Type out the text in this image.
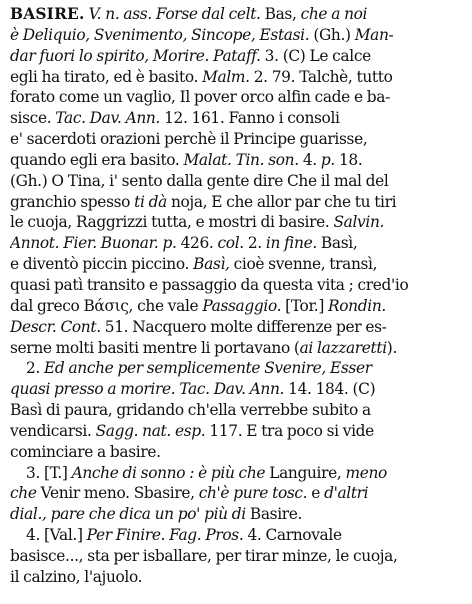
BASIRE. V. n. ass. Forse dal celt. Bas, che a noi
è Deliquio, Svenimento, Sincope, Estasi. (Gh.) Man-
dar fuori lo spirito, Morire. Pataff. 3. (C) Le calce
egli ha tirato, ed è basito. Malm. 2. 79. Talchè, tutto
forato come un vaglio, Il pover orco alfin cade e ba-
sisce. Tac. Dav. Ann. 12. 161. Fanno i consoli
e' sacerdoti orazioni perchè il Principe guarisse,
quando egli era basito. Malat. Tin. son. 4. p. 18.
(Gh.) O Tina, i' sento dalla gente dire Che il mal del
granchio spesso ti dà noja, E che allor par che tu tiri
le cuoja, Raggrizzi tutta, e mostri di basire. Salvin.
Annot. Fier. Buonar. p. 426. col. 2. in fine. Basì,
e diventò piccin piccino. Basì, cioè svenne, transì,
quasi patì transito e passaggio da questa vita ; cred'io
dal greco Βάσις, che vale Passaggio. [Tor.] Rondin.
Descr. Cont. 51. Nacquero molte differenze per es-
serne molti basiti mentre li portavano (ai lazzaretti).
2. Ed anche per semplicemente Svenire, Esser
quasi presso a morire. Tac. Dav. Ann. 14. 184. (C)
Basì di paura, gridando ch'ella verrebbe subito a
vendicarsi. Sagg. nat. esp. 117. E tra poco si vide
cominciare a basire.
3. [T.] Anche di sonno : è più che Languire, meno
che Venir meno. Sbasire, ch'è pure tosc. e d'altri
dial., pare che dica un po' più di Basire.
4. [Val.] Per Finire. Fag. Pros. 4. Carnovale
basisce..., sta per isballare, per tirar minze, le cuoja,
il calzino, l'ajuolo.
